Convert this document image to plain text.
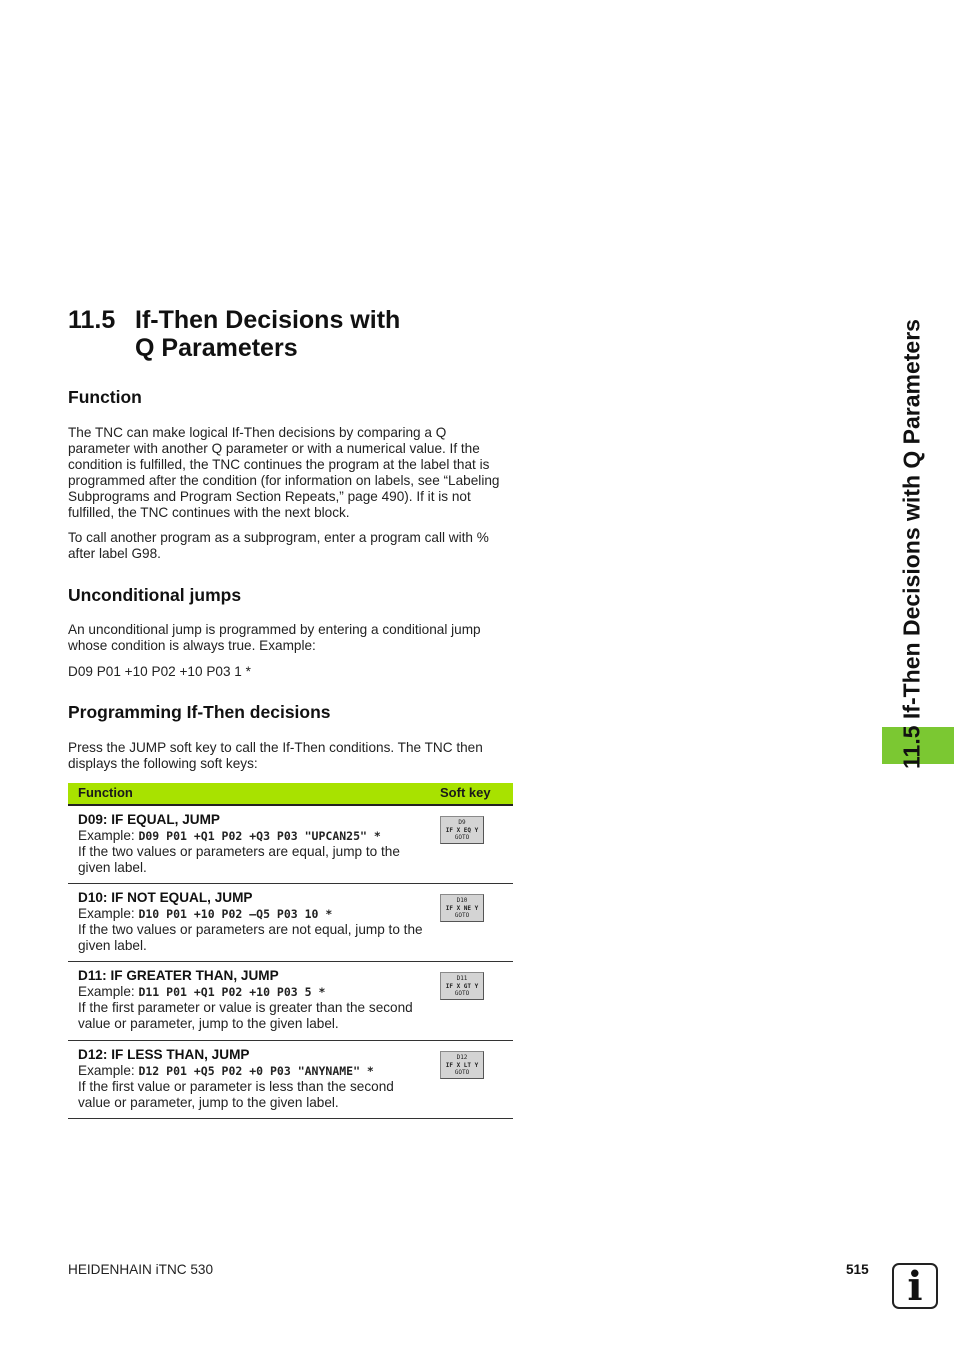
11.5 If-Then Decisions with
Q Parameters	11.5 If-Then Decisions with Q Parameters
Function

The TNC can make logical If-Then decisions by comparing a Q parameter with another Q parameter or with a numerical value. If the condition is fulfilled, the TNC continues the program at the label that is programmed after the condition (for information on labels, see “Labeling Subprograms and Program Section Repeats,” page 490). If it is not fulfilled, the TNC continues with the next block.

To call another program as a subprogram, enter a program call with % after label G98.

Unconditional jumps

An unconditional jump is programmed by entering a conditional jump whose condition is always true. Example:

D09 P01 +10 P02 +10 P03 1 *

Programming If-Then decisions

Press the JUMP soft key to call the If-Then conditions. The TNC then displays the following soft keys:

Function	Soft key
D09: IF EQUAL, JUMP
Example: D09 P01 +Q1 P02 +Q3 P03 "UPCAN25" *
If the two values or parameters are equal, jump to the given label.
D9
IF X EQ Y
GOTO
D10: IF NOT EQUAL, JUMP
Example: D10 P01 +10 P02 –Q5 P03 10 *
If the two values or parameters are not equal, jump to the given label.
D10
IF X NE Y
GOTO
D11: IF GREATER THAN, JUMP
Example: D11 P01 +Q1 P02 +10 P03 5 *
If the first parameter or value is greater than the second value or parameter, jump to the given label.
D11
IF X GT Y
GOTO
D12: IF LESS THAN, JUMP
Example: D12 P01 +Q5 P02 +0 P03 "ANYNAME" *
If the first value or parameter is less than the second value or parameter, jump to the given label.
D12
IF X LT Y
GOTO
HEIDENHAIN iTNC 530	515 i
